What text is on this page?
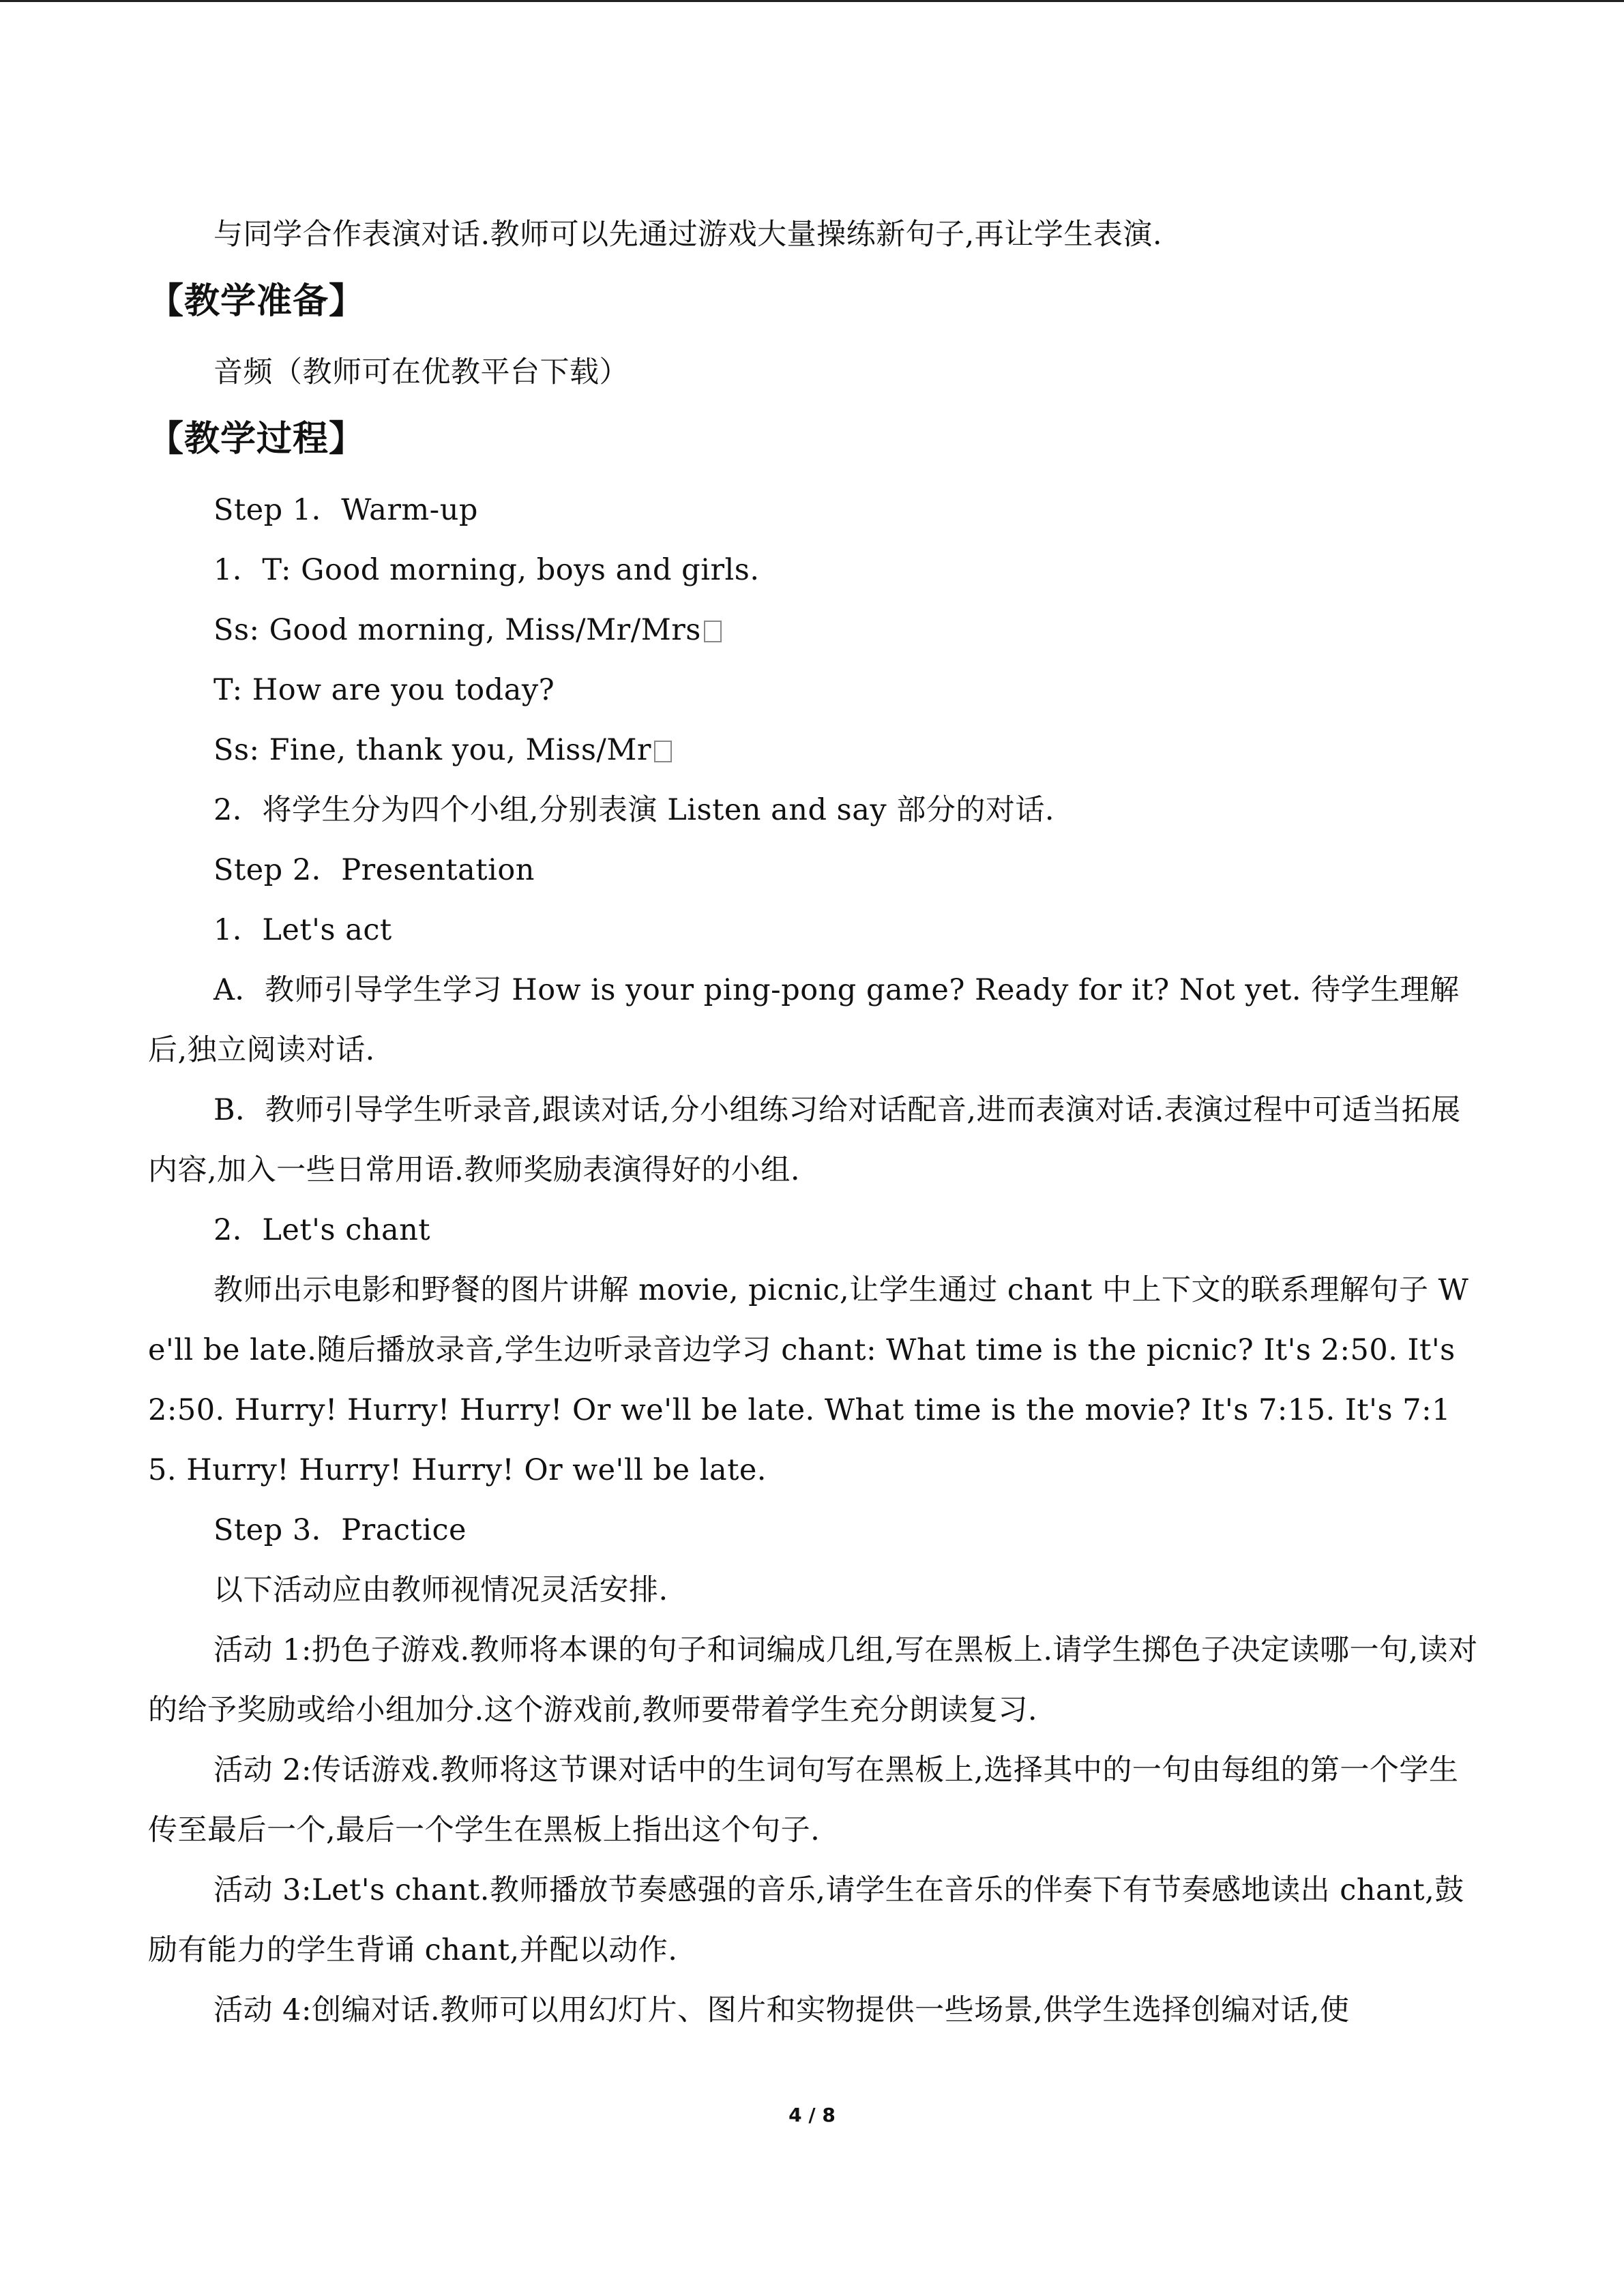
与同学合作表演对话.教师可以先通过游戏大量操练新句子,再让学生表演.

【教学准备】

音频（教师可在优教平台下载）

【教学过程】

Step 1．Warm-up

1．T: Good morning, boys and girls.

Ss: Good morning, Miss/Mr/Mrs

T: How are you today?

Ss: Fine, thank you, Miss/Mr

2．将学生分为四个小组,分别表演 Listen and say 部分的对话.

Step 2．Presentation

1．Let's act

A．教师引导学生学习 How is your ping-pong game? Ready for it? Not yet. 待学生理解后,独立阅读对话.

B．教师引导学生听录音,跟读对话,分小组练习给对话配音,进而表演对话.表演过程中可适当拓展内容,加入一些日常用语.教师奖励表演得好的小组.

2．Let's chant

教师出示电影和野餐的图片讲解 movie, picnic,让学生通过 chant 中上下文的联系理解句子 We'll be late.随后播放录音,学生边听录音边学习 chant: What time is the picnic? It's 2:50. It's 2:50. Hurry! Hurry! Hurry! Or we'll be late. What time is the movie? It's 7:15. It's 7:15. Hurry! Hurry! Hurry! Or we'll be late.

Step 3．Practice

以下活动应由教师视情况灵活安排.

活动 1:扔色子游戏.教师将本课的句子和词编成几组,写在黑板上.请学生掷色子决定读哪一句,读对的给予奖励或给小组加分.这个游戏前,教师要带着学生充分朗读复习.

活动 2:传话游戏.教师将这节课对话中的生词句写在黑板上,选择其中的一句由每组的第一个学生传至最后一个,最后一个学生在黑板上指出这个句子.

活动 3:Let's chant.教师播放节奏感强的音乐,请学生在音乐的伴奏下有节奏感地读出 chant,鼓励有能力的学生背诵 chant,并配以动作.

活动 4:创编对话.教师可以用幻灯片、图片和实物提供一些场景,供学生选择创编对话,使

4 / 8
